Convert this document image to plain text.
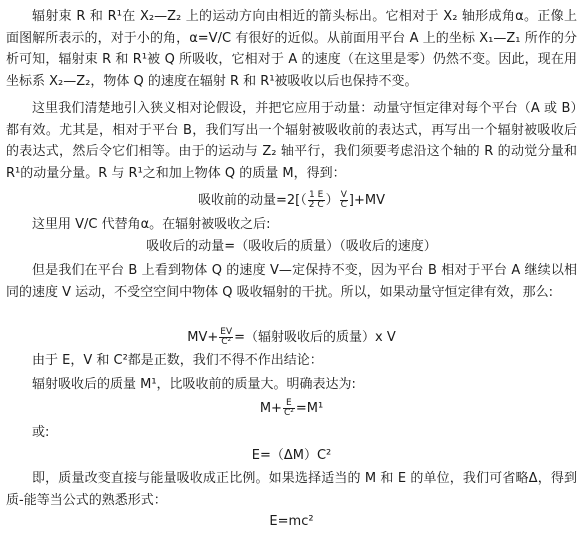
辐射束 R 和 R¹在 X₂—Z₂ 上的运动方向由相近的箭头标出。它相对于 X₂ 轴形成角α。正像上面图解所表示的，对于小的角，α=V/C 有很好的近似。从前面用平台 A 上的坐标 X₁—Z₁ 所作的分析可知，辐射束 R 和 R¹被 Q 所吸收，它相对于 A 的速度（在这里是零）仍然不变。因此，现在用坐标系 X₂—Z₂，物体 Q 的速度在辐射 R 和 R¹被吸收以后也保持不变。

这里我们清楚地引入狭义相对论假设，并把它应用于动量：动量守恒定律对每个平台（A 或 B）都有效。尤其是，相对于平台 B，我们写出一个辐射被吸收前的表达式，再写出一个辐射被吸收后的表达式，然后令它们相等。由于的运动与 Z₂ 轴平行，我们须要考虑沿这个轴的 R 的动觉分量和 R¹的动量分量。R 与 R¹之和加上物体 Q 的质量 M，得到：

吸收前的动量$=2[( \frac{1 E}{2 C}$ ） $\frac{V}{C} ]+MV$

这里用 V/C 代替角α。在辐射被吸收之后:

吸收后的动量=（吸收后的质量）（吸收后的速度）

但是我们在平台 B 上看到物体 Q 的速度 V—定保持不变，因为平台 B 相对于平台 A 继续以相同的速度 V 运动，不受空空间中物体 Q 吸收辐射的干扰。所以，如果动量守恒定律有效，那么:

$MV+ \frac{EV}{\text{C²}}$ =（辐射吸收后的质量）x V

由于 E，V 和 C²都是正数，我们不得不作出结论：

辐射吸收后的质量 M¹，比吸收前的质量大。明确表达为:

$M+ \frac{E}{\text{C²}} =M^1$

或:

E=（ΔM）C²

即，质量改变直接与能量吸收成正比例。如果选择适当的 M 和 E 的单位，我们可省略Δ，得到质-能等当公式的熟悉形式：

E=mc²
